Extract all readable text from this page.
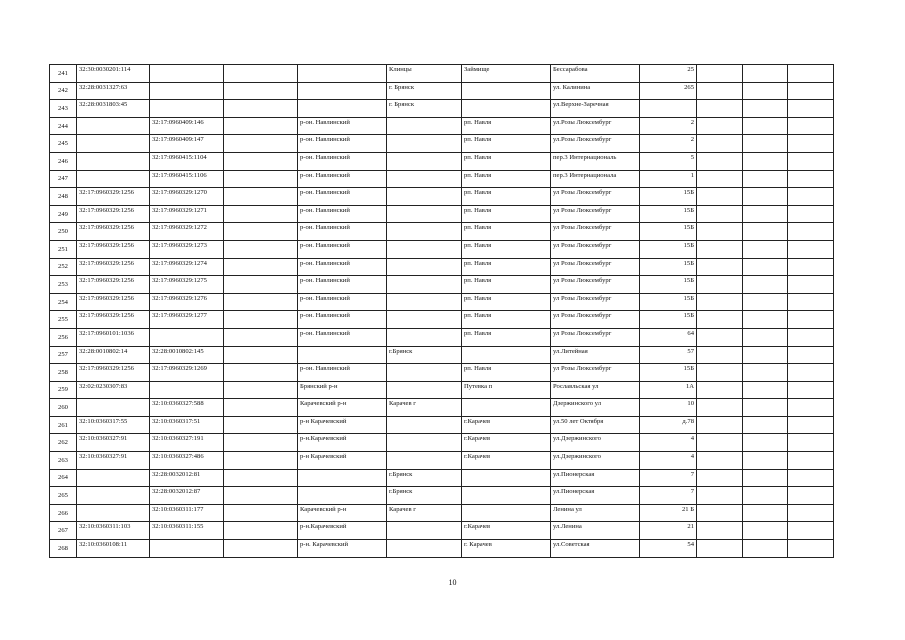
241	32:30:0030201:114				Клинцы	Займище	Бессарабова	25			
242	32:28:0031327:63				г. Брянск		ул. Калинина	265			
243	32:28:0031803:45				г. Брянск		ул.Верхне-Заречная				
244		32:17:0960409:146		р-он. Навлинский		рп. Навля	ул.Розы Люксембург	2			
245		32:17:0960409:147		р-он. Навлинский		рп. Навля	ул.Розы Люксембург	2			
246		32:17:0960415:1104		р-он. Навлинский		рп. Навля	пер.3 Интернациональ	5			
247		32:17:0960415:1106		р-он. Навлинский		рп. Навля	пер.3 Интернационала	1			
248	32:17:0960329:1256	32:17:0960329:1270		р-он. Навлинский		рп. Навля	ул Розы Люксембург	15Б			
249	32:17:0960329:1256	32:17:0960329:1271		р-он. Навлинский		рп. Навля	ул Розы Люксембург	15Б			
250	32:17:0960329:1256	32:17:0960329:1272		р-он. Навлинский		рп. Навля	ул Розы Люксембург	15Б			
251	32:17:0960329:1256	32:17:0960329:1273		р-он. Навлинский		рп. Навля	ул Розы Люксембург	15Б			
252	32:17:0960329:1256	32:17:0960329:1274		р-он. Навлинский		рп. Навля	ул Розы Люксембург	15Б			
253	32:17:0960329:1256	32:17:0960329:1275		р-он. Навлинский		рп. Навля	ул Розы Люксембург	15Б			
254	32:17:0960329:1256	32:17:0960329:1276		р-он. Навлинский		рп. Навля	ул Розы Люксембург	15Б			
255	32:17:0960329:1256	32:17:0960329:1277		р-он. Навлинский		рп. Навля	ул Розы Люксембург	15Б			
256	32:17:0960101:1036			р-он. Навлинский		рп. Навля	ул Розы Люксембург	64			
257	32:28:0010802:14	32:28:0010802:145			г.Брянск		ул.Литейная	57			
258	32:17:0960329:1256	32:17:0960329:1269		р-он. Навлинский		рп. Навля	ул Розы Люксембург	15Б			
259	32:02:0230307:83			Брянский р-н		Путевка п	Рославльская ул	1А			
260		32:10:0360327:588		Карачевский р-н	Карачев г		Дзержинского ул	10			
261	32:10:0360317:55	32:10:0360317:51		р-н Карачевский		г.Карачев	ул.50 лет Октября	д.78			
262	32:10:0360327:91	32:10:0360327:191		р-н.Карачевский		г.Карачев	ул.Дзержинского	4			
263	32:10:0360327:91	32:10:0360327:486		р-н Карачевский		г.Карачев	ул.Дзержинского	4			
264		32:28:0032012:81			г.Брянск		ул.Пионерская	7			
265		32:28:0032012:87			г.Брянск		ул.Пионерская	7			
266		32:10:0360311:177		Карачевский р-н	Карачев г		Ленина ул	21 Б			
267	32:10:0360311:103	32:10:0360311:155		р-н.Карачевский		г.Карачев	ул.Ленина	21			
268	32:10:0360108:11			р-н. Карачевский		г. Карачев	ул.Советская	54			
10
